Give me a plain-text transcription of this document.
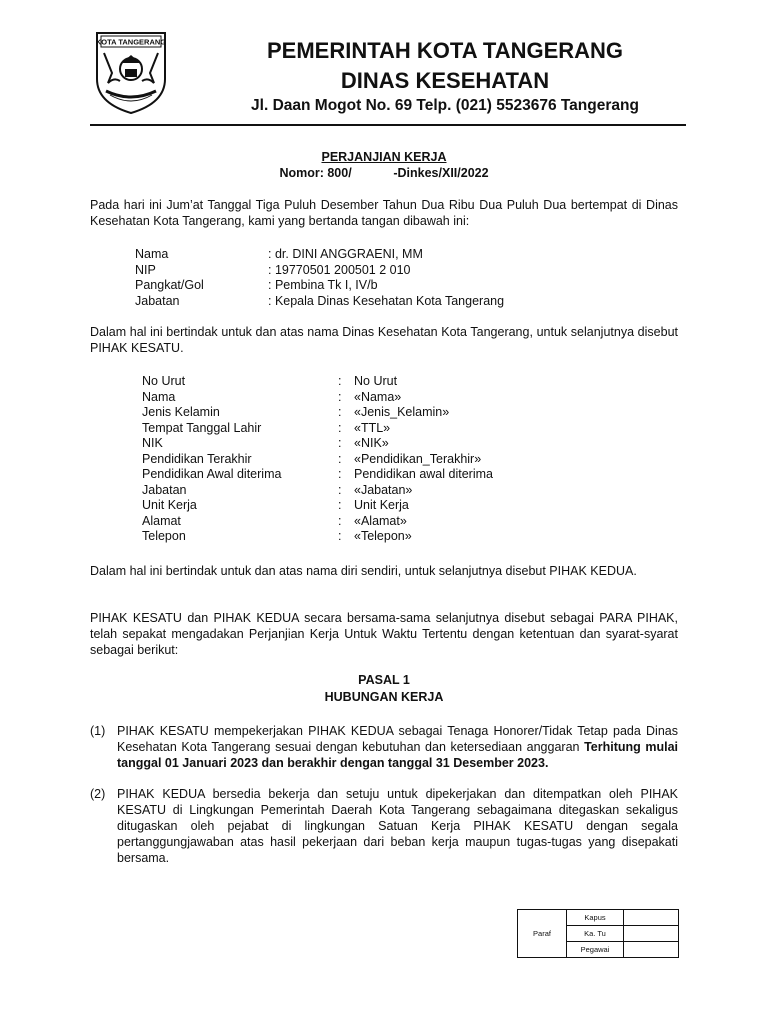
KOTA TANGERANG	PEMERINTAH KOTA TANGERANG
DINAS KESEHATAN
Jl. Daan Mogot No. 69 Telp. (021) 5523676 Tangerang
PERJANJIAN KERJA
Nomor: 800/            -Dinkes/XII/2022
Pada hari ini Jum’at Tanggal Tiga Puluh Desember Tahun Dua Ribu Dua Puluh Dua bertempat di Dinas Kesehatan Kota Tangerang, kami yang bertanda tangan dibawah ini:
Nama	: dr. DINI ANGGRAENI, MM
NIP	: 19770501 200501 2 010
Pangkat/Gol	: Pembina Tk I, IV/b
Jabatan	: Kepala Dinas Kesehatan Kota Tangerang
Dalam hal ini bertindak untuk dan atas nama Dinas Kesehatan Kota Tangerang, untuk selanjutnya disebut PIHAK KESATU.
No Urut	:	No Urut
Nama	:	«Nama»
Jenis Kelamin	:	«Jenis_Kelamin»
Tempat Tanggal Lahir	:	«TTL»
NIK	:	«NIK»
Pendidikan Terakhir	:	«Pendidikan_Terakhir»
Pendidikan Awal diterima	:	Pendidikan awal diterima
Jabatan	:	«Jabatan»
Unit Kerja	:	Unit Kerja
Alamat	:	«Alamat»
Telepon	:	«Telepon»
Dalam hal ini bertindak untuk dan atas nama diri sendiri, untuk selanjutnya disebut PIHAK KEDUA.
PIHAK KESATU dan PIHAK KEDUA secara bersama-sama selanjutnya disebut sebagai PARA PIHAK, telah sepakat mengadakan Perjanjian Kerja Untuk Waktu Tertentu dengan ketentuan dan syarat-syarat sebagai berikut:
PASAL 1
HUBUNGAN KERJA
(1) PIHAK KESATU mempekerjakan PIHAK KEDUA sebagai Tenaga Honorer/Tidak Tetap pada Dinas Kesehatan Kota Tangerang sesuai dengan kebutuhan dan ketersediaan anggaran Terhitung mulai tanggal 01 Januari 2023 dan berakhir dengan tanggal 31 Desember 2023.
(2) PIHAK KEDUA bersedia bekerja dan setuju untuk dipekerjakan dan ditempatkan oleh PIHAK KESATU di Lingkungan Pemerintah Daerah Kota Tangerang sebagaimana ditegaskan sekaligus ditugaskan oleh pejabat di lingkungan Satuan Kerja PIHAK KESATU dengan segala pertanggungjawaban atas hasil pekerjaan dari beban kerja maupun tugas-tugas yang disepakati bersama.
Paraf	Kapus	
	Ka. Tu	
	Pegawai	
